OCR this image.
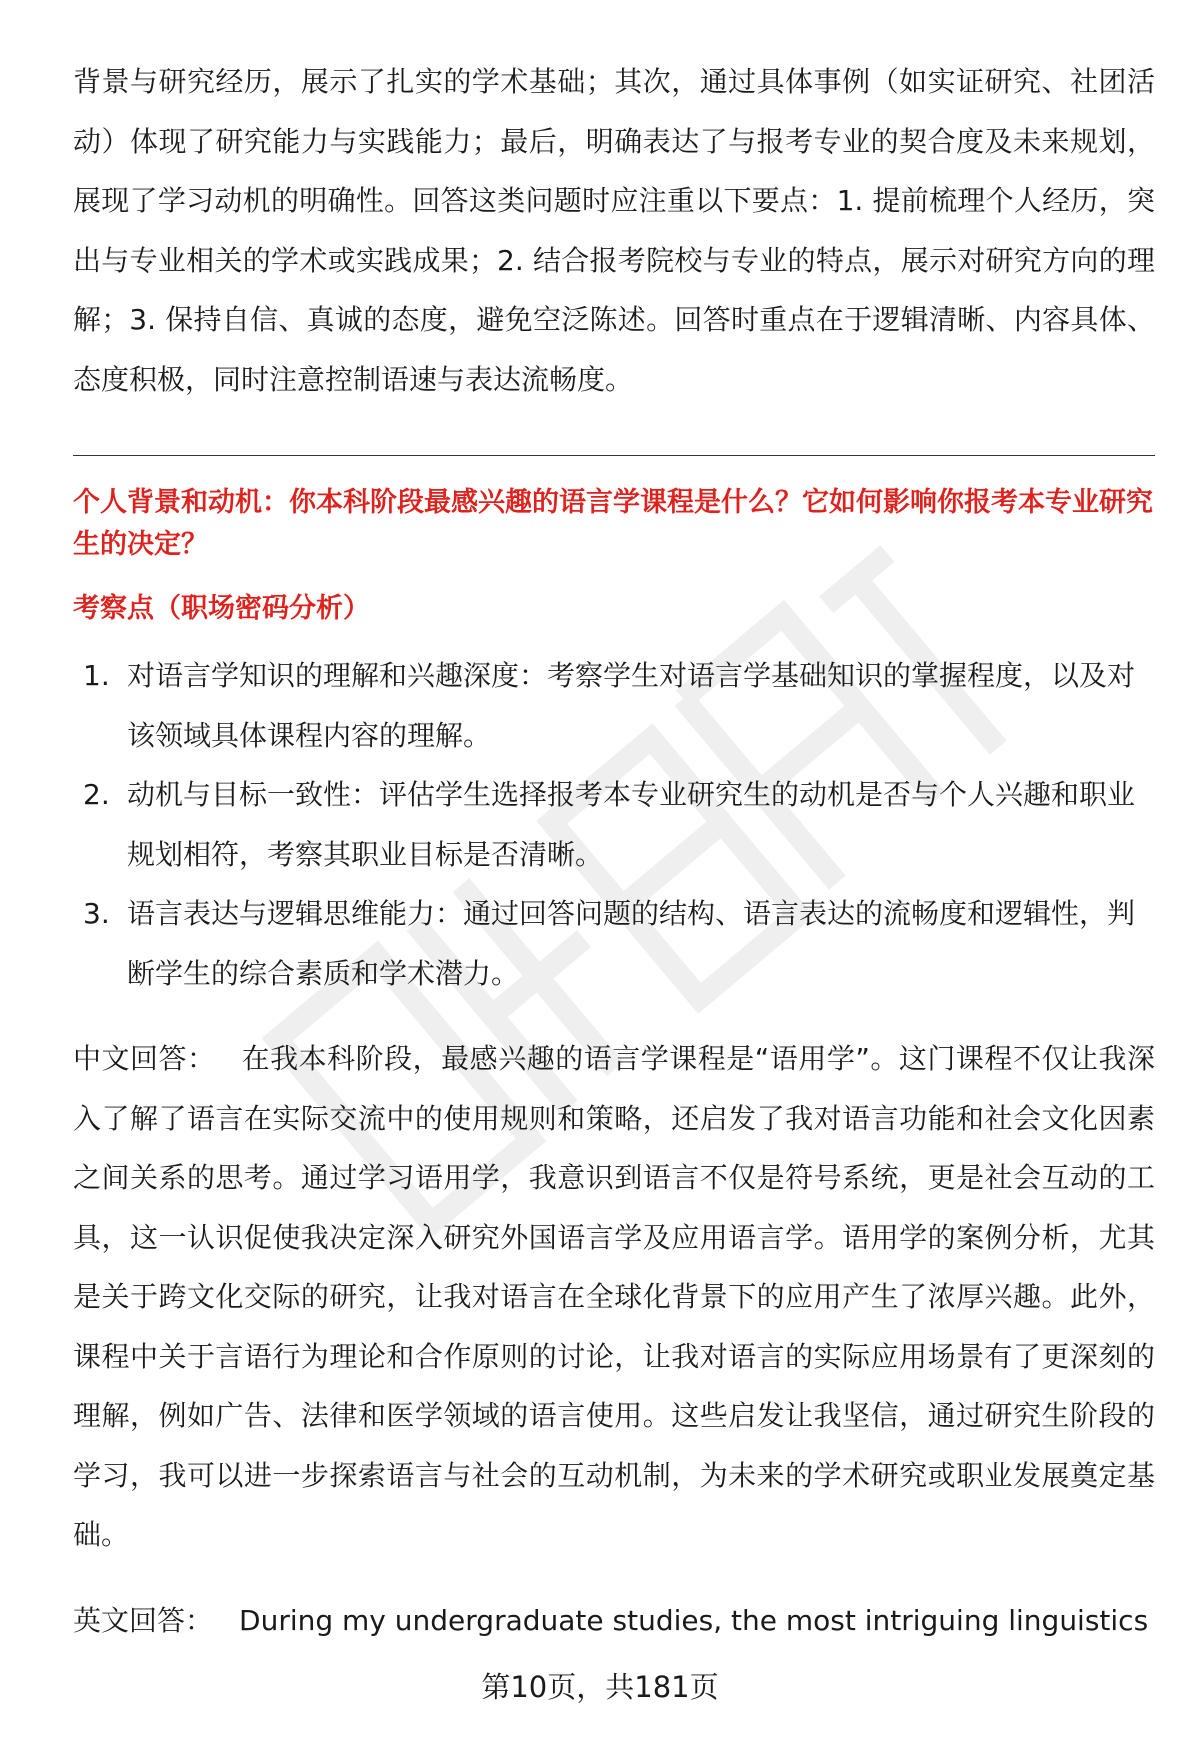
背景与研究经历，展示了扎实的学术基础；其次，通过具体事例（如实证研究、社团活动）体现了研究能力与实践能力；最后，明确表达了与报考专业的契合度及未来规划，展现了学习动机的明确性。回答这类问题时应注重以下要点：1. 提前梳理个人经历，突出与专业相关的学术或实践成果；2. 结合报考院校与专业的特点，展示对研究方向的理解；3. 保持自信、真诚的态度，避免空泛陈述。回答时重点在于逻辑清晰、内容具体、态度积极，同时注意控制语速与表达流畅度。

个人背景和动机：你本科阶段最感兴趣的语言学课程是什么？它如何影响你报考本专业研究生的决定？
考察点（职场密码分析）
1. 对语言学知识的理解和兴趣深度：考察学生对语言学基础知识的掌握程度，以及对该领域具体课程内容的理解。
2. 动机与目标一致性：评估学生选择报考本专业研究生的动机是否与个人兴趣和职业规划相符，考察其职业目标是否清晰。
3. 语言表达与逻辑思维能力：通过回答问题的结构、语言表达的流畅度和逻辑性，判断学生的综合素质和学术潜力。

中文回答： 在我本科阶段，最感兴趣的语言学课程是“语用学”。这门课程不仅让我深入了解了语言在实际交流中的使用规则和策略，还启发了我对语言功能和社会文化因素之间关系的思考。通过学习语用学，我意识到语言不仅是符号系统，更是社会互动的工具，这一认识促使我决定深入研究外国语言学及应用语言学。语用学的案例分析，尤其是关于跨文化交际的研究，让我对语言在全球化背景下的应用产生了浓厚兴趣。此外，课程中关于言语行为理论和合作原则的讨论，让我对语言的实际应用场景有了更深刻的理解，例如广告、法律和医学领域的语言使用。这些启发让我坚信，通过研究生阶段的学习，我可以进一步探索语言与社会的互动机制，为未来的学术研究或职业发展奠定基础。

英文回答： During my undergraduate studies, the most intriguing linguistics

第10页，共181页
